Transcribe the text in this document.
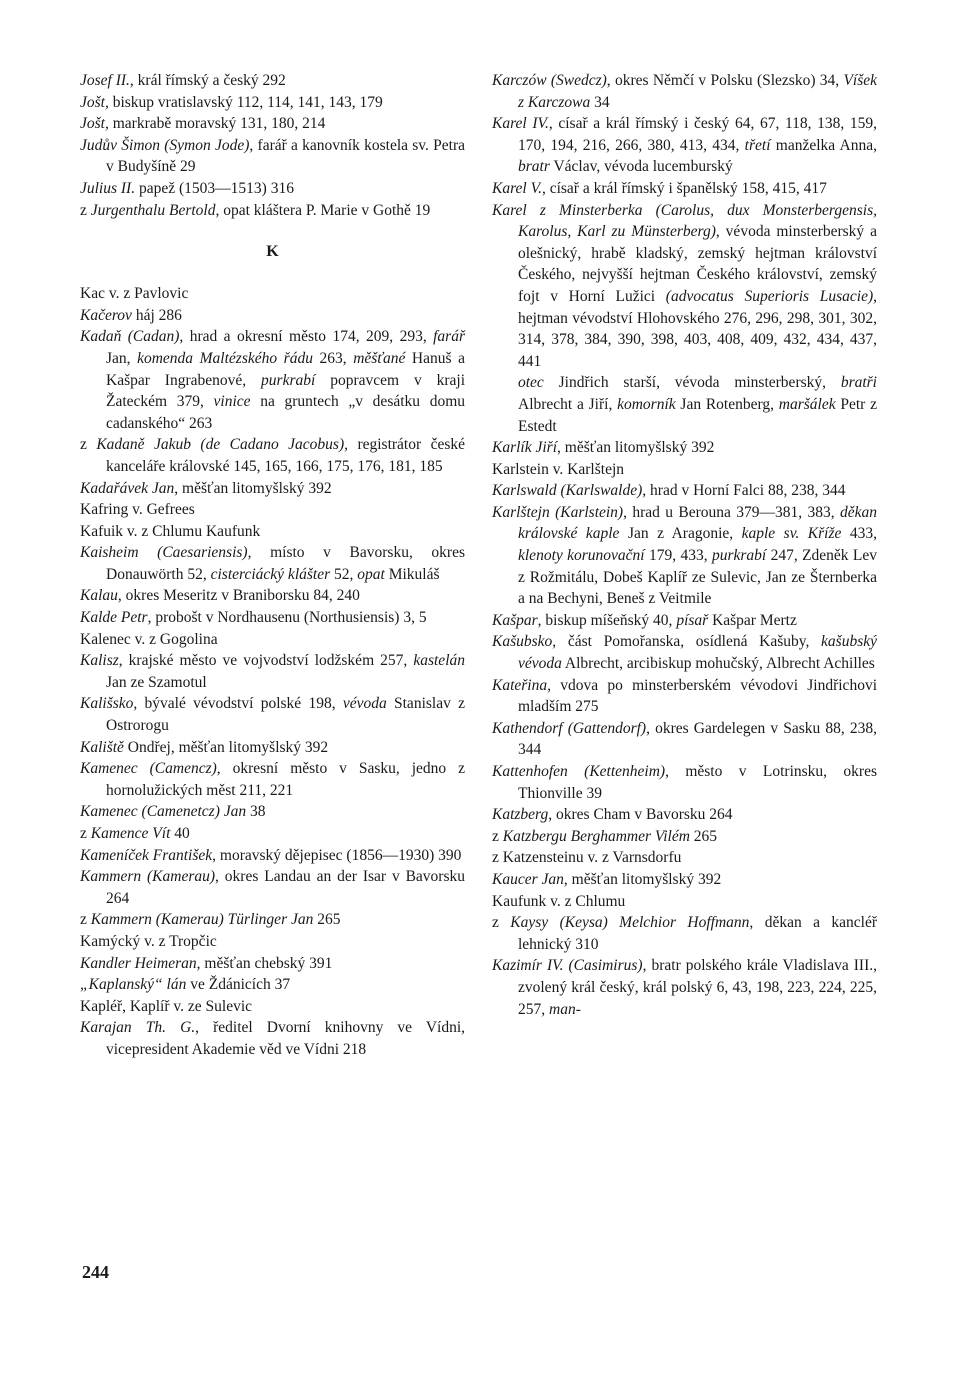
Josef II., král římský a český 292
Jošt, biskup vratislavský 112, 114, 141, 143, 179
Jošt, markrabě moravský 131, 180, 214
Judův Šimon (Symon Jode), farář a kanovník kostela sv. Petra v Budyšíně 29
Julius II. papež (1503—1513) 316
z Jurgenthalu Bertold, opat kláštera P. Marie v Gothě 19
K
Kac v. z Pavlovic
Kačerov háj 286
Kadaň (Cadan), hrad a okresní město 174, 209, 293, farář Jan, komenda Maltézského řádu 263, měšťané Hanuš a Kašpar Ingrabenové, purkrabí popravcem v kraji Žateckém 379, vinice na gruntech „v desátku domu cadanského“ 263
z Kadaně Jakub (de Cadano Jacobus), registrátor české kanceláře královské 145, 165, 166, 175, 176, 181, 185
Kadařávek Jan, měšťan litomyšlský 392
Kafring v. Gefrees
Kafuik v. z Chlumu Kaufunk
Kaisheim (Caesariensis), místo v Bavorsku, okres Donauwörth 52, cisterciácký klášter 52, opat Mikuláš
Kalau, okres Meseritz v Braniborsku 84, 240
Kalde Petr, probošt v Nordhausenu (Northusiensis) 3, 5
Kalenec v. z Gogolina
Kalisz, krajské město ve vojvodství lodžském 257, kastelán Jan ze Szamotul
Kališsko, bývalé vévodství polské 198, vévoda Stanislav z Ostrorogu
Kaliště Ondřej, měšťan litomyšlský 392
Kamenec (Camencz), okresní město v Sasku, jedno z hornolužických měst 211, 221
Kamenec (Camenetcz) Jan 38
z Kamence Vít 40
Kameníček František, moravský dějepisec (1856—1930) 390
Kammern (Kamerau), okres Landau an der Isar v Bavorsku 264
z Kammern (Kamerau) Türlinger Jan 265
Kamýcký v. z Tropčic
Kandler Heimeran, měšťan chebský 391
„Kaplanský“ lán ve Ždánicích 37
Kapléř, Kaplíř v. ze Sulevic
Karajan Th. G., ředitel Dvorní knihovny ve Vídni, vicepresident Akademie věd ve Vídni 218
Karczów (Swedcz), okres Němčí v Polsku (Slezsko) 34, Víšek z Karczowa 34
Karel IV., císař a král římský i český 64, 67, 118, 138, 159, 170, 194, 216, 266, 380, 413, 434, třetí manželka Anna, bratr Václav, vévoda lucemburský
Karel V., císař a král římský i španělský 158, 415, 417
Karel z Minsterberka (Carolus, dux Monsterbergensis, Karolus, Karl zu Münsterberg), vévoda minsterberský a olešnický, hrabě kladský, zemský hejtman království Českého, nejvyšší hejtman Českého království, zemský fojt v Horní Lužici (advocatus Superioris Lusacie), hejtman vévodství Hlohovského 276, 296, 298, 301, 302, 314, 378, 384, 390, 398, 403, 408, 409, 432, 434, 437, 441
otec Jindřich starší, vévoda minsterberský, bratři Albrecht a Jiří, komorník Jan Rotenberg, maršálek Petr z Estedt
Karlík Jiří, měšťan litomyšlský 392
Karlstein v. Karlštejn
Karlswald (Karlswalde), hrad v Horní Falci 88, 238, 344
Karlštejn (Karlstein), hrad u Berouna 379—381, 383, děkan královské kaple Jan z Aragonie, kaple sv. Kříže 433, klenoty korunovační 179, 433, purkrabí 247, Zdeněk Lev z Rožmitálu, Dobeš Kaplíř ze Sulevic, Jan ze Šternberka a na Bechyni, Beneš z Veitmile
Kašpar, biskup míšeňský 40, písař Kašpar Mertz
Kašubsko, část Pomořanska, osídlená Kašuby, kašubský vévoda Albrecht, arcibiskup mohučský, Albrecht Achilles
Kateřina, vdova po minsterberském vévodovi Jindřichovi mladším 275
Kathendorf (Gattendorf), okres Gardelegen v Sasku 88, 238, 344
Kattenhofen (Kettenheim), město v Lotrinsku, okres Thionville 39
Katzberg, okres Cham v Bavorsku 264
z Katzbergu Berghammer Vilém 265
z Katzensteinu v. z Varnsdorfu
Kaucer Jan, měšťan litomyšlský 392
Kaufunk v. z Chlumu
z Kaysy (Keysa) Melchior Hoffmann, děkan a kancléř lehnický 310
Kazimír IV. (Casimirus), bratr polského krále Vladislava III., zvolený král český, král polský 6, 43, 198, 223, 224, 225, 257, man-
244
